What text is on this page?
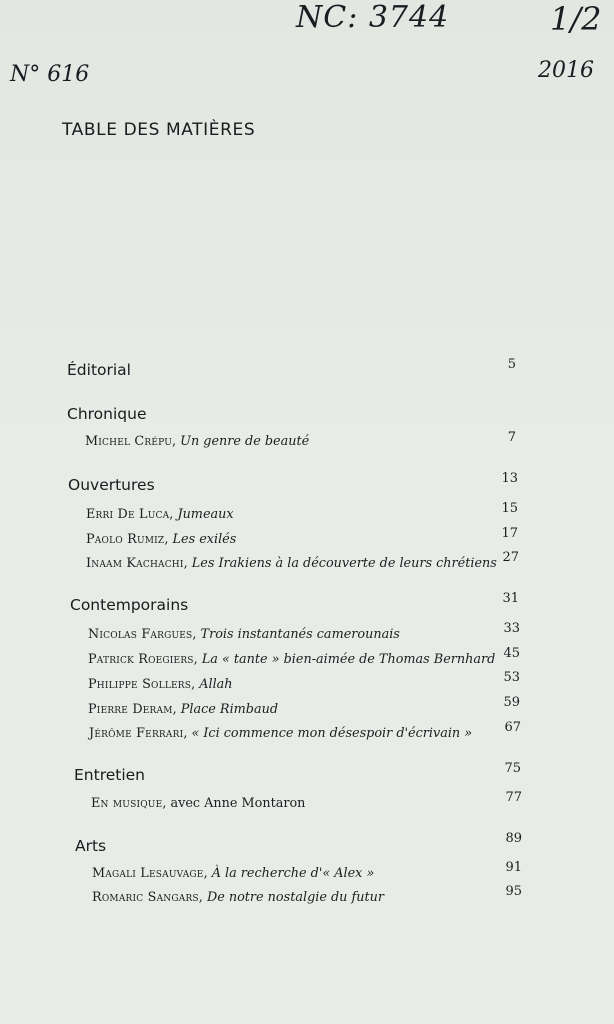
NC: 3744	1/2
N° 616	2016
TABLE DES MATIÈRES
Éditorial	5
Chronique
Michel Crépu, Un genre de beauté	7
Ouvertures	13
Erri De Luca, Jumeaux	15
Paolo Rumiz, Les exilés	17
Inaam Kachachi, Les Irakiens à la découverte de leurs chrétiens 27
Contemporains	31
Nicolas Fargues, Trois instantanés camerounais	33
Patrick Roegiers, La « tante » bien-aimée de Thomas Bernhard 45
Philippe Sollers, Allah	53
Pierre Deram, Place Rimbaud	59
Jérôme Ferrari, « Ici commence mon désespoir d'écrivain »	67
Entretien	75
En musique, avec Anne Montaron	77
Arts	89
Magali Lesauvage, À la recherche d'« Alex »	91
Romaric Sangars, De notre nostalgie du futur	95
